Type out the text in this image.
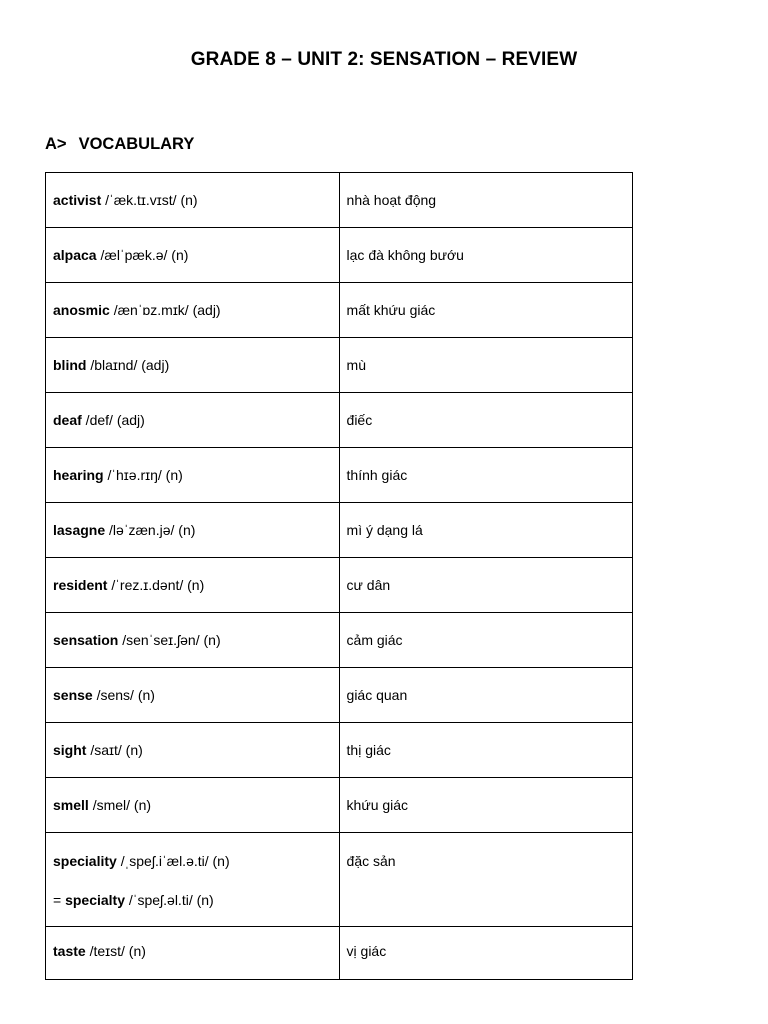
GRADE 8 – UNIT 2: SENSATION – REVIEW
A> VOCABULARY
activist /ˈæk.tɪ.vɪst/ (n)	nhà hoạt động
alpaca /ælˈpæk.ə/ (n)	lạc đà không bướu
anosmic /ænˈɒz.mɪk/ (adj)	mất khứu giác
blind /blaɪnd/ (adj)	mù
deaf /def/ (adj)	điếc
hearing /ˈhɪə.rɪŋ/ (n)	thính giác
lasagne /ləˈzæn.jə/ (n)	mì ý dạng lá
resident /ˈrez.ɪ.dənt/ (n)	cư dân
sensation /senˈseɪ.ʃən/ (n)	cảm giác
sense /sens/ (n)	giác quan
sight /saɪt/ (n)	thị giác
smell /smel/ (n)	khứu giác

speciality /ˌspeʃ.iˈæl.ə.ti/ (n)
= specialty /ˈspeʃ.əl.ti/ (n)	đặc sản

taste /teɪst/ (n)	vị giác
